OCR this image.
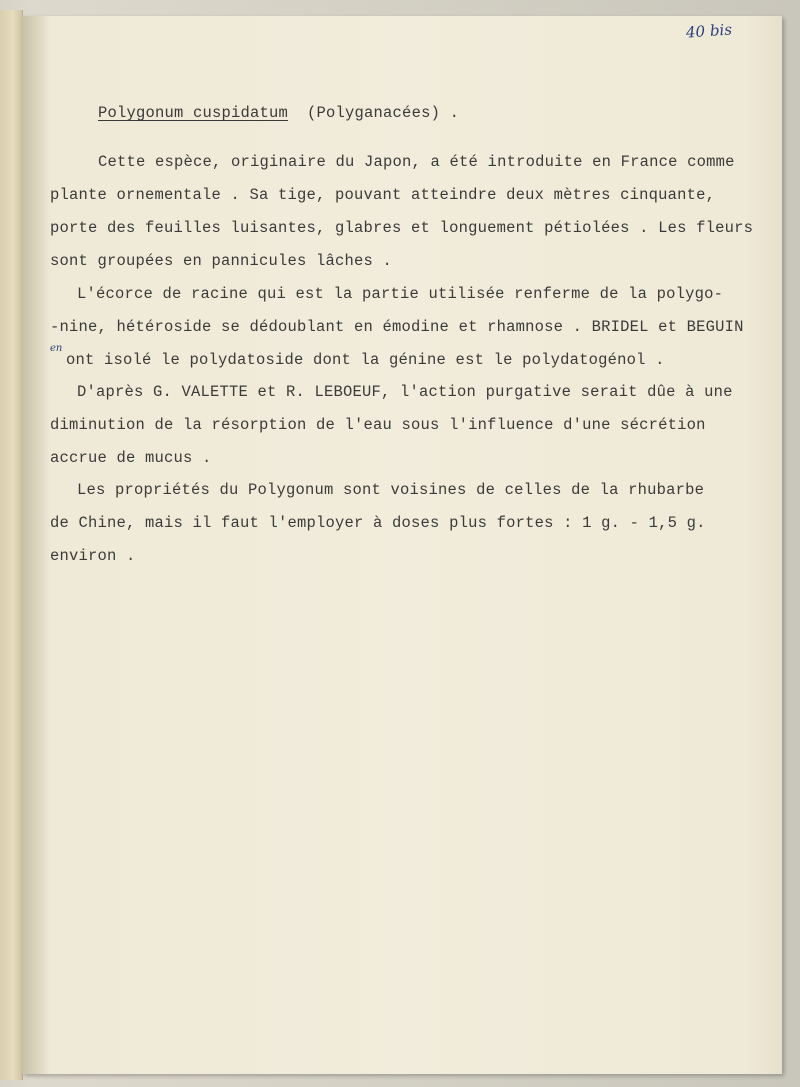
40 bis
Polygonum cuspidatum (Polyganacées) .
en
Cette espèce, originaire du Japon, a été introduite en France comme
plante ornementale . Sa tige, pouvant atteindre deux mètres cinquante,
porte des feuilles luisantes, glabres et longuement pétiolées . Les fleurs
sont groupées en pannicules lâches .
L'écorce de racine qui est la partie utilisée renferme de la polygo-
-nine, hétéroside se dédoublant en émodine et rhamnose . BRIDEL et BEGUIN
ont isolé le polydatoside dont la génine est le polydatogénol .
D'après G. VALETTE et R. LEBOEUF, l'action purgative serait dûe à une
diminution de la résorption de l'eau sous l'influence d'une sécrétion
accrue de mucus .
Les propriétés du Polygonum sont voisines de celles de la rhubarbe
de Chine, mais il faut l'employer à doses plus fortes : 1 g. - 1,5 g.
environ .
